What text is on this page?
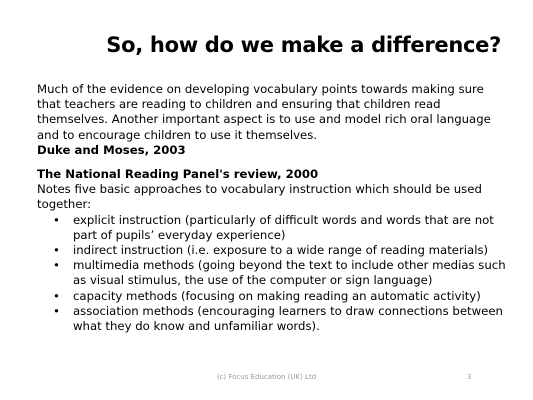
So, how do we make a difference?

Much of the evidence on developing vocabulary points towards making sure that teachers are reading to children and ensuring that children read themselves. Another important aspect is to use and model rich oral language and to encourage children to use it themselves.

Duke and Moses, 2003

The National Reading Panel's review, 2000

Notes five basic approaches to vocabulary instruction which should be used together:

• explicit instruction (particularly of difficult words and words that are not part of pupils’ everyday experience)
• indirect instruction (i.e. exposure to a wide range of reading materials)
• multimedia methods (going beyond the text to include other medias such as visual stimulus, the use of the computer or sign language)
• capacity methods (focusing on making reading an automatic activity)
• association methods (encouraging learners to draw connections between what they do know and unfamiliar words).
(c) Focus Education (UK) Ltd	3
